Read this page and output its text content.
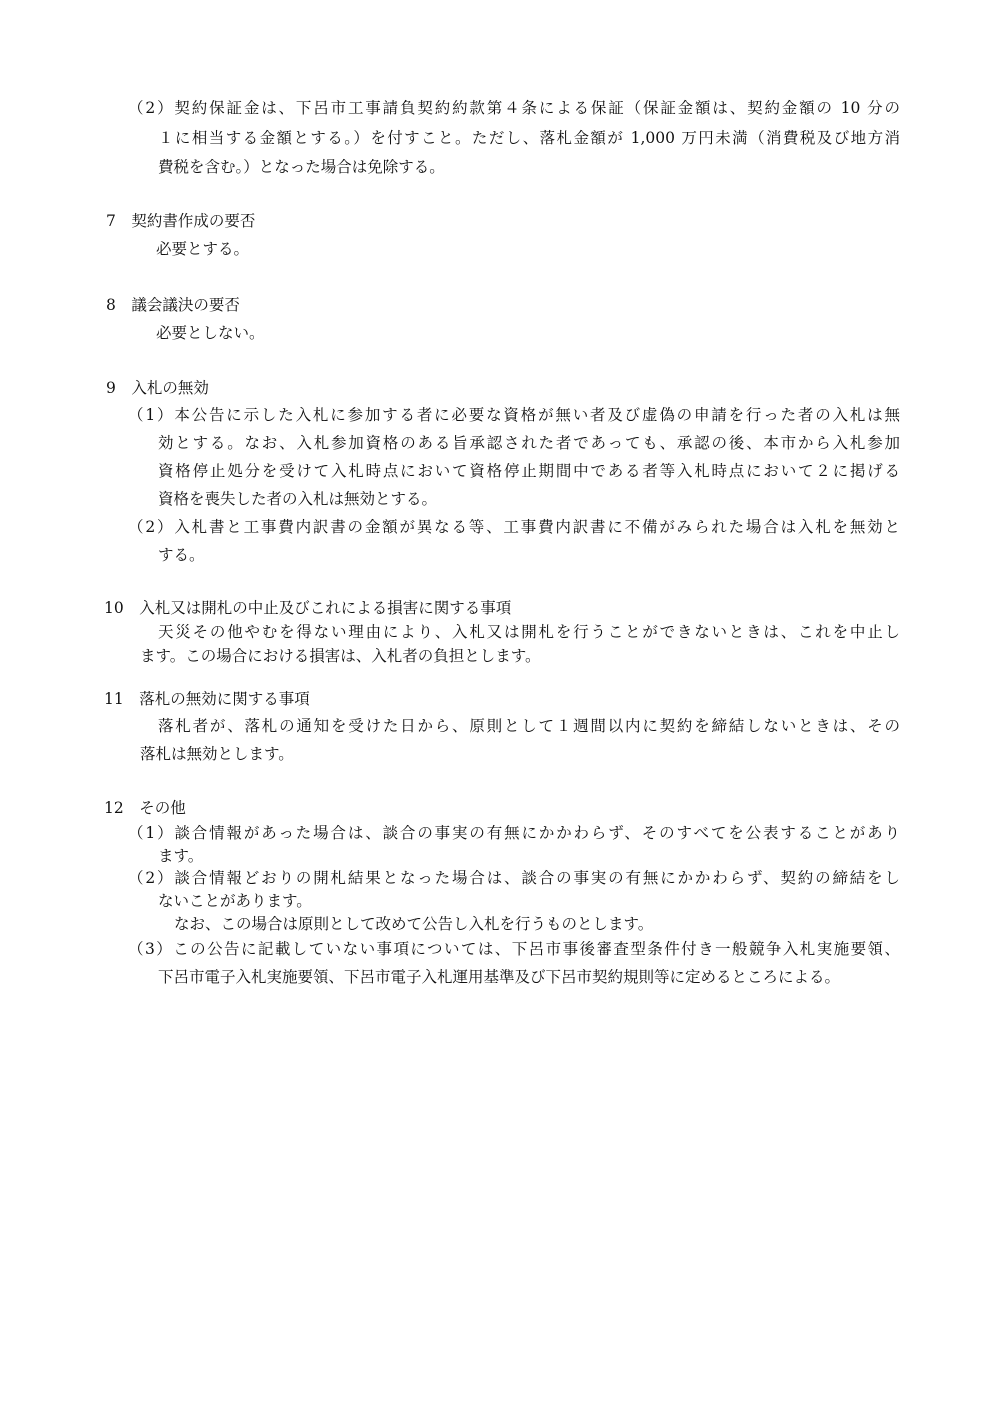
（2）契約保証金は、下呂市工事請負契約約款第４条による保証（保証金額は、契約金額の 10 分の
１に相当する金額とする。）を付すこと。ただし、落札金額が 1,000 万円未満（消費税及び地方消
費税を含む。）となった場合は免除する。
7　契約書作成の要否
必要とする。
8　議会議決の要否
必要としない。
9　入札の無効
（1）本公告に示した入札に参加する者に必要な資格が無い者及び虚偽の申請を行った者の入札は無
効とする。なお、入札参加資格のある旨承認された者であっても、承認の後、本市から入札参加
資格停止処分を受けて入札時点において資格停止期間中である者等入札時点において２に掲げる
資格を喪失した者の入札は無効とする。
（2）入札書と工事費内訳書の金額が異なる等、工事費内訳書に不備がみられた場合は入札を無効と
する。
10　入札又は開札の中止及びこれによる損害に関する事項
天災その他やむを得ない理由により、入札又は開札を行うことができないときは、これを中止し
ます。この場合における損害は、入札者の負担とします。
11　落札の無効に関する事項
落札者が、落札の通知を受けた日から、原則として１週間以内に契約を締結しないときは、その
落札は無効とします。
12　その他
（1）談合情報があった場合は、談合の事実の有無にかかわらず、そのすべてを公表することがあり
ます。
（2）談合情報どおりの開札結果となった場合は、談合の事実の有無にかかわらず、契約の締結をし
ないことがあります。
なお、この場合は原則として改めて公告し入札を行うものとします。
（3）この公告に記載していない事項については、下呂市事後審査型条件付き一般競争入札実施要領、
下呂市電子入札実施要領、下呂市電子入札運用基準及び下呂市契約規則等に定めるところによる。
